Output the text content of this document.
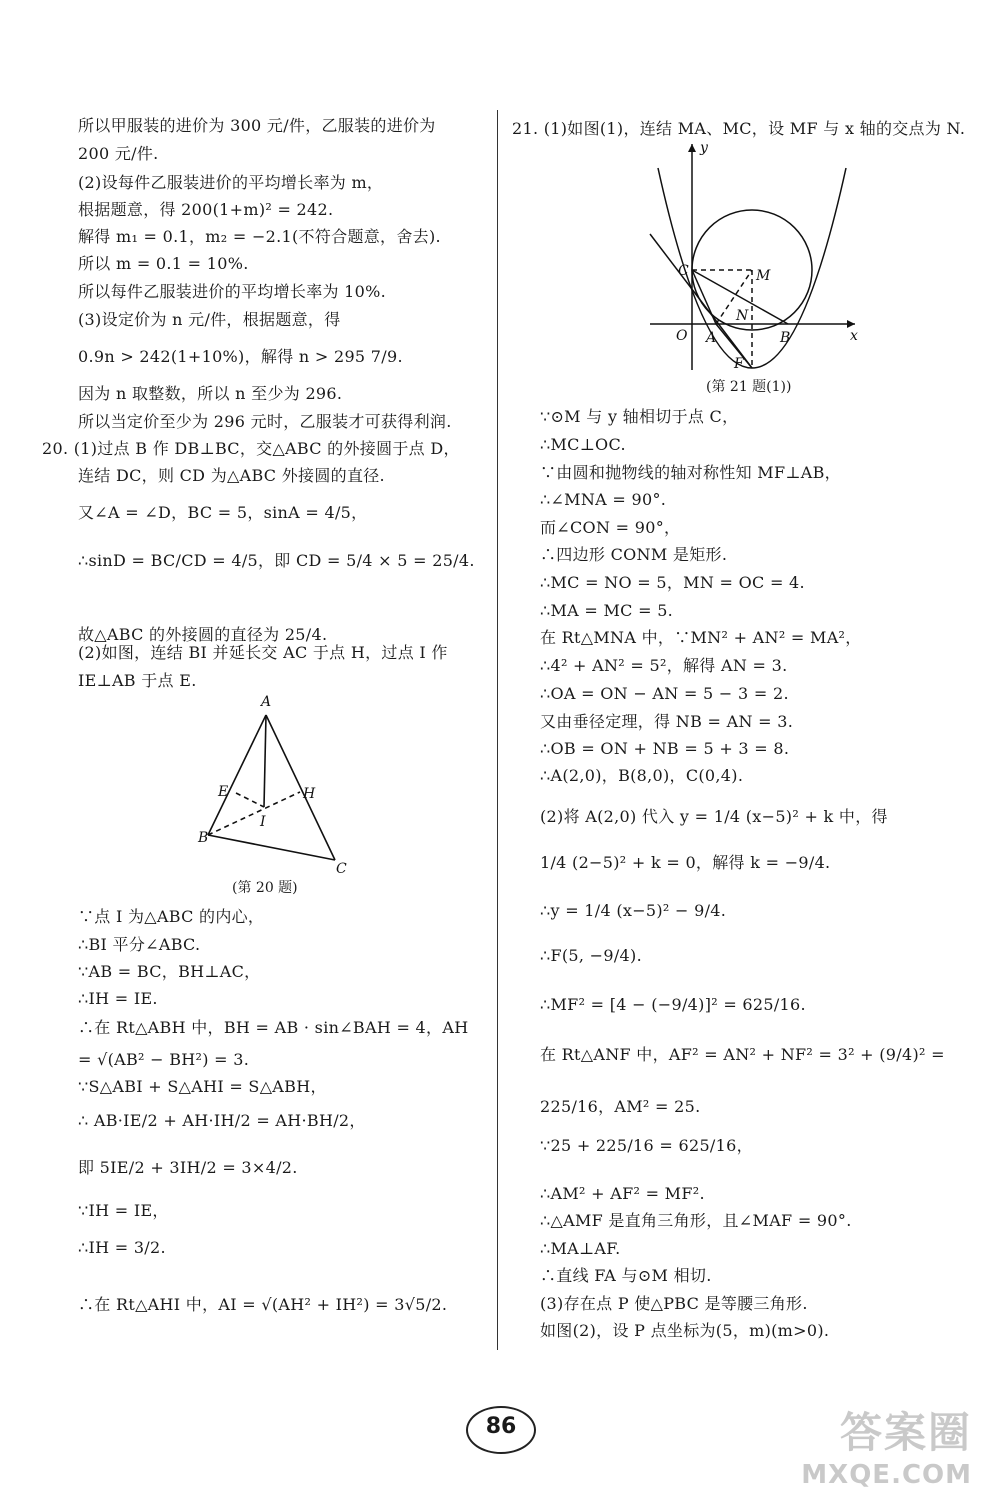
所以甲服装的进价为 300 元/件，乙服装的进价为
200 元/件.
(2)设每件乙服装进价的平均增长率为 m，
根据题意，得 200(1+m)² = 242.
解得 m₁ = 0.1，m₂ = −2.1(不符合题意，舍去).
所以 m = 0.1 = 10%.
所以每件乙服装进价的平均增长率为 10%.
(3)设定价为 n 元/件，根据题意，得
0.9n > 242(1+10%)，解得 n > 295 7/9.
因为 n 取整数，所以 n 至少为 296.
所以当定价至少为 296 元时，乙服装才可获得利润.
20. (1)过点 B 作 DB⊥BC，交△ABC 的外接圆于点 D，
连结 DC，则 CD 为△ABC 外接圆的直径.
又∠A = ∠D，BC = 5，sinA = 4/5，
∴sinD = BC/CD = 4/5，即 CD = 5/4 × 5 = 25/4.
故△ABC 的外接圆的直径为 25/4.
(2)如图，连结 BI 并延长交 AC 于点 H，过点 I 作
IE⊥AB 于点 E.
∵点 I 为△ABC 的内心，
∴BI 平分∠ABC.
∵AB = BC，BH⊥AC，
∴IH = IE.
∴在 Rt△ABH 中，BH = AB · sin∠BAH = 4，AH
= √(AB² − BH²) = 3.
∵S△ABI + S△AHI = S△ABH，
∴ AB·IE/2 + AH·IH/2 = AH·BH/2，
即 5IE/2 + 3IH/2 = 3×4/2.
∵IH = IE，
∴IH = 3/2.
∴在 Rt△AHI 中，AI = √(AH² + IH²) = 3√5/2.
A
E	H
I
B
C
(第 20 题)
21. (1)如图(1)，连结 MA、MC，设 MF 与 x 轴的交点为 N.
∵⊙M 与 y 轴相切于点 C，
∴MC⊥OC.
∵由圆和抛物线的轴对称性知 MF⊥AB，
∴∠MNA = 90°.
而∠CON = 90°，
∴四边形 CONM 是矩形.
∴MC = NO = 5，MN = OC = 4.
∴MA = MC = 5.
在 Rt△MNA 中，∵MN² + AN² = MA²，
∴4² + AN² = 5²，解得 AN = 3.
∴OA = ON − AN = 5 − 3 = 2.
又由垂径定理，得 NB = AN = 3.
∴OB = ON + NB = 5 + 3 = 8.
∴A(2,0)，B(8,0)，C(0,4).
(2)将 A(2,0) 代入 y = 1/4 (x−5)² + k 中，得
1/4 (2−5)² + k = 0，解得 k = −9/4.
∴y = 1/4 (x−5)² − 9/4.
∴F(5, −9/4).
∴MF² = [4 − (−9/4)]² = 625/16.
在 Rt△ANF 中，AF² = AN² + NF² = 3² + (9/4)² =
225/16，AM² = 25.
∵25 + 225/16 = 625/16，
∴AM² + AF² = MF².
∴△AMF 是直角三角形，且∠MAF = 90°.
∴MA⊥AF.
∴直线 FA 与⊙M 相切.
(3)存在点 P 使△PBC 是等腰三角形.
如图(2)，设 P 点坐标为(5，m)(m>0).
y
x
O A	B
C	M
N
F
(第 21 题(1))
86	答案圈
MXQE.COM
